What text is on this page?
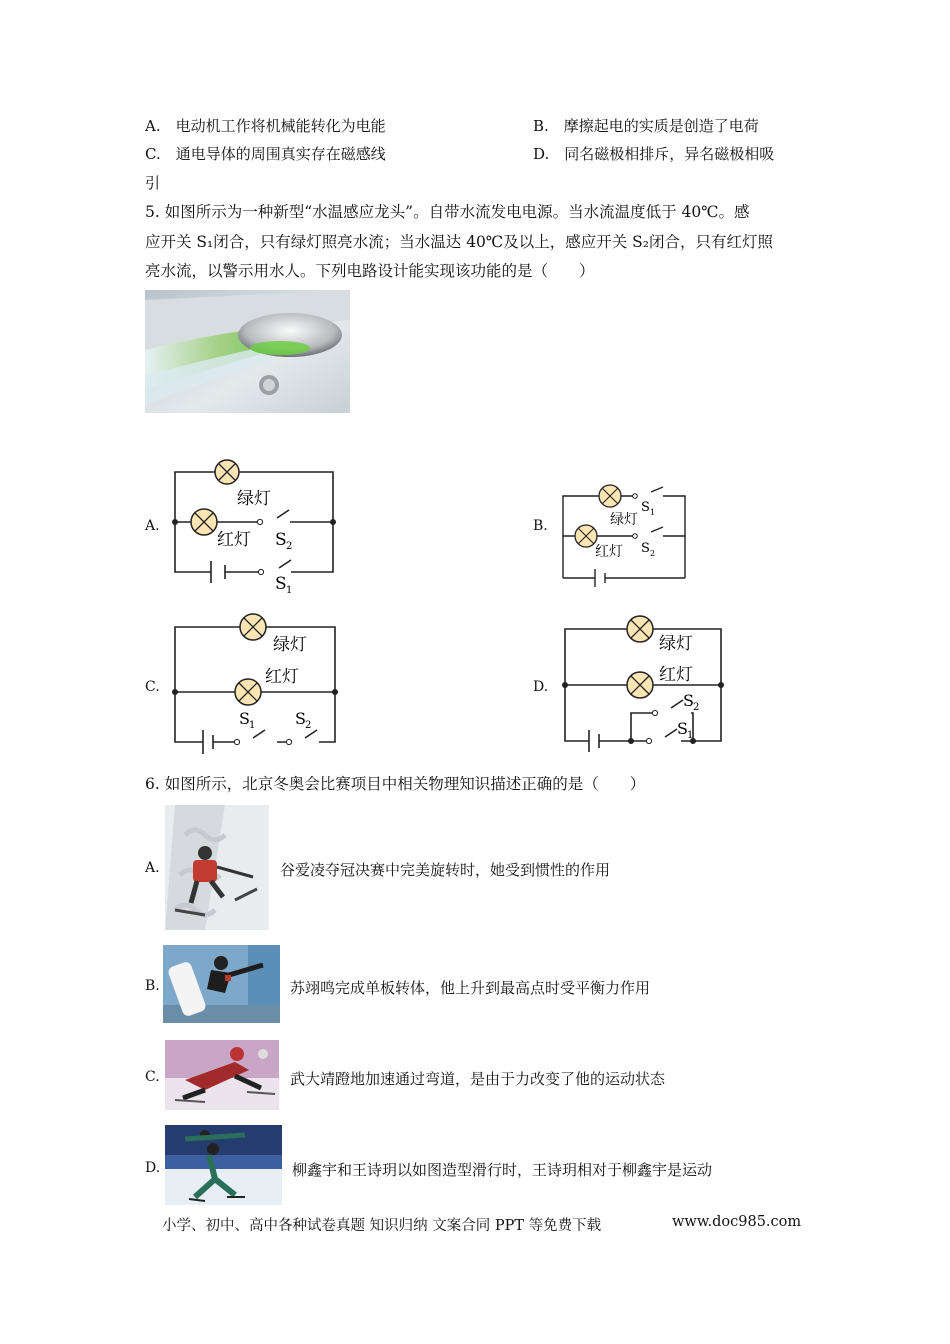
A.　电动机工作将机械能转化为电能	B.　摩擦起电的实质是创造了电荷
C.　通电导体的周围真实存在磁感线	D.　同名磁极相排斥，异名磁极相吸
引
5. 如图所示为一种新型“水温感应龙头”。自带水流发电电源。当水流温度低于 40℃。感
应开关 S₁闭合，只有绿灯照亮水流；当水温达 40℃及以上，感应开关 S₂闭合，只有红灯照
亮水流，以警示用水人。下列电路设计能实现该功能的是（　　）
A.	B.
C.	D.
绿灯
红灯 S 2
S 1
绿灯
红灯
S 1
S 2
绿灯
红灯
S 1 S 2
绿灯
红灯
S 2
S 1
6. 如图所示，北京冬奥会比赛项目中相关物理知识描述正确的是（　　）
A.	谷爱凌夺冠决赛中完美旋转时，她受到惯性的作用
B.	苏翊鸣完成单板转体，他上升到最高点时受平衡力作用
C.	武大靖蹬地加速通过弯道，是由于力改变了他的运动状态
D.	柳鑫宇和王诗玥以如图造型滑行时，王诗玥相对于柳鑫宇是运动
小学、初中、高中各种试卷真题 知识归纳 文案合同 PPT 等免费下载	www.doc985.com
